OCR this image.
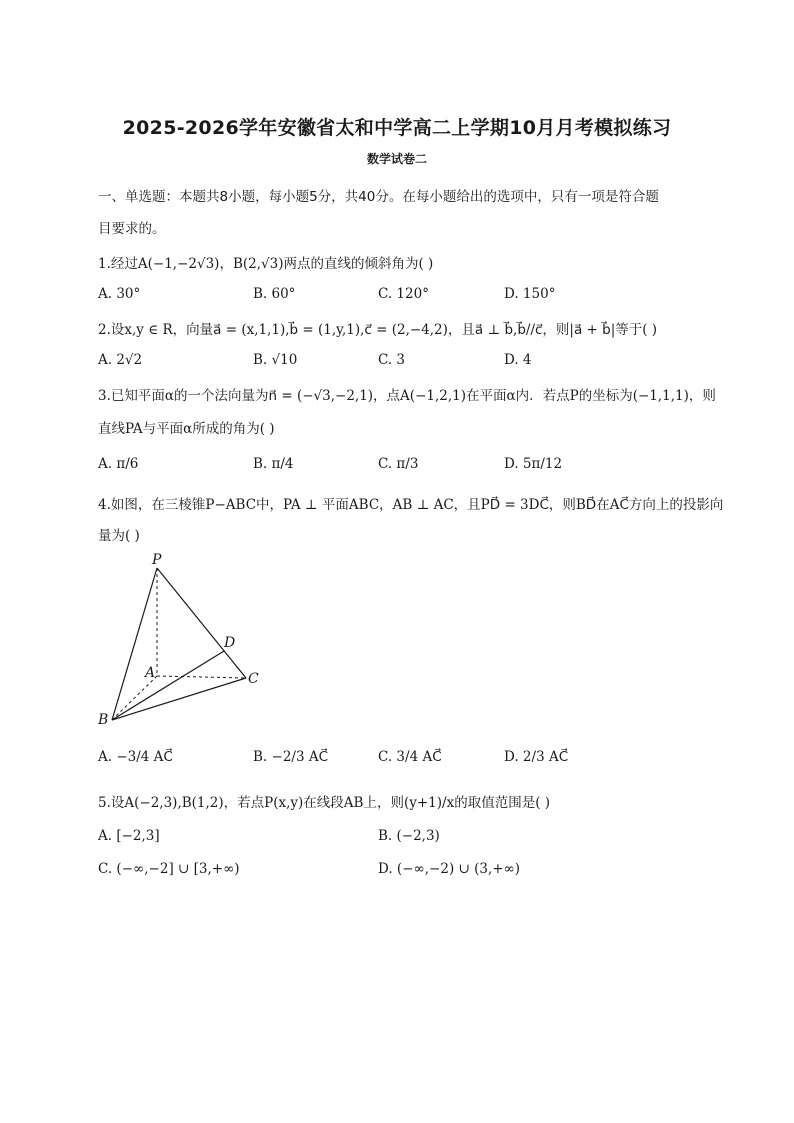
2025-2026学年安徽省太和中学高二上学期10月月考模拟练习
数学试卷二
一、单选题：本题共8小题，每小题5分，共40分。在每小题给出的选项中，只有一项是符合题
目要求的。
1.经过A(−1,−2√3)，B(2,√3)两点的直线的倾斜角为( )
A. 30°	B. 60°	C. 120°	D. 150°
2.设x,y ∈ R，向量a⃗ = (x,1,1),b⃗ = (1,y,1),c⃗ = (2,−4,2)，且a⃗ ⊥ b⃗,b⃗//c⃗，则|a⃗ + b⃗|等于( )
A. 2√2	B. √10	C. 3	D. 4
3.已知平面α的一个法向量为n⃗ = (−√3,−2,1)，点A(−1,2,1)在平面α内．若点P的坐标为(−1,1,1)，则
直线PA与平面α所成的角为( )
A. π/6	B. π/4	C. π/3	D. 5π/12
4.如图，在三棱锥P−ABC中，PA ⊥ 平面ABC，AB ⊥ AC，且PD⃗ = 3DC⃗，则BD⃗在AC⃗方向上的投影向
量为( )
P
D
A	C
B
A. −3/4 AC⃗	B. −2/3 AC⃗	C. 3/4 AC⃗	D. 2/3 AC⃗
5.设A(−2,3),B(1,2)，若点P(x,y)在线段AB上，则(y+1)/x的取值范围是( )
A. [−2,3]	B. (−2,3)
C. (−∞,−2] ∪ [3,+∞)	D. (−∞,−2) ∪ (3,+∞)
